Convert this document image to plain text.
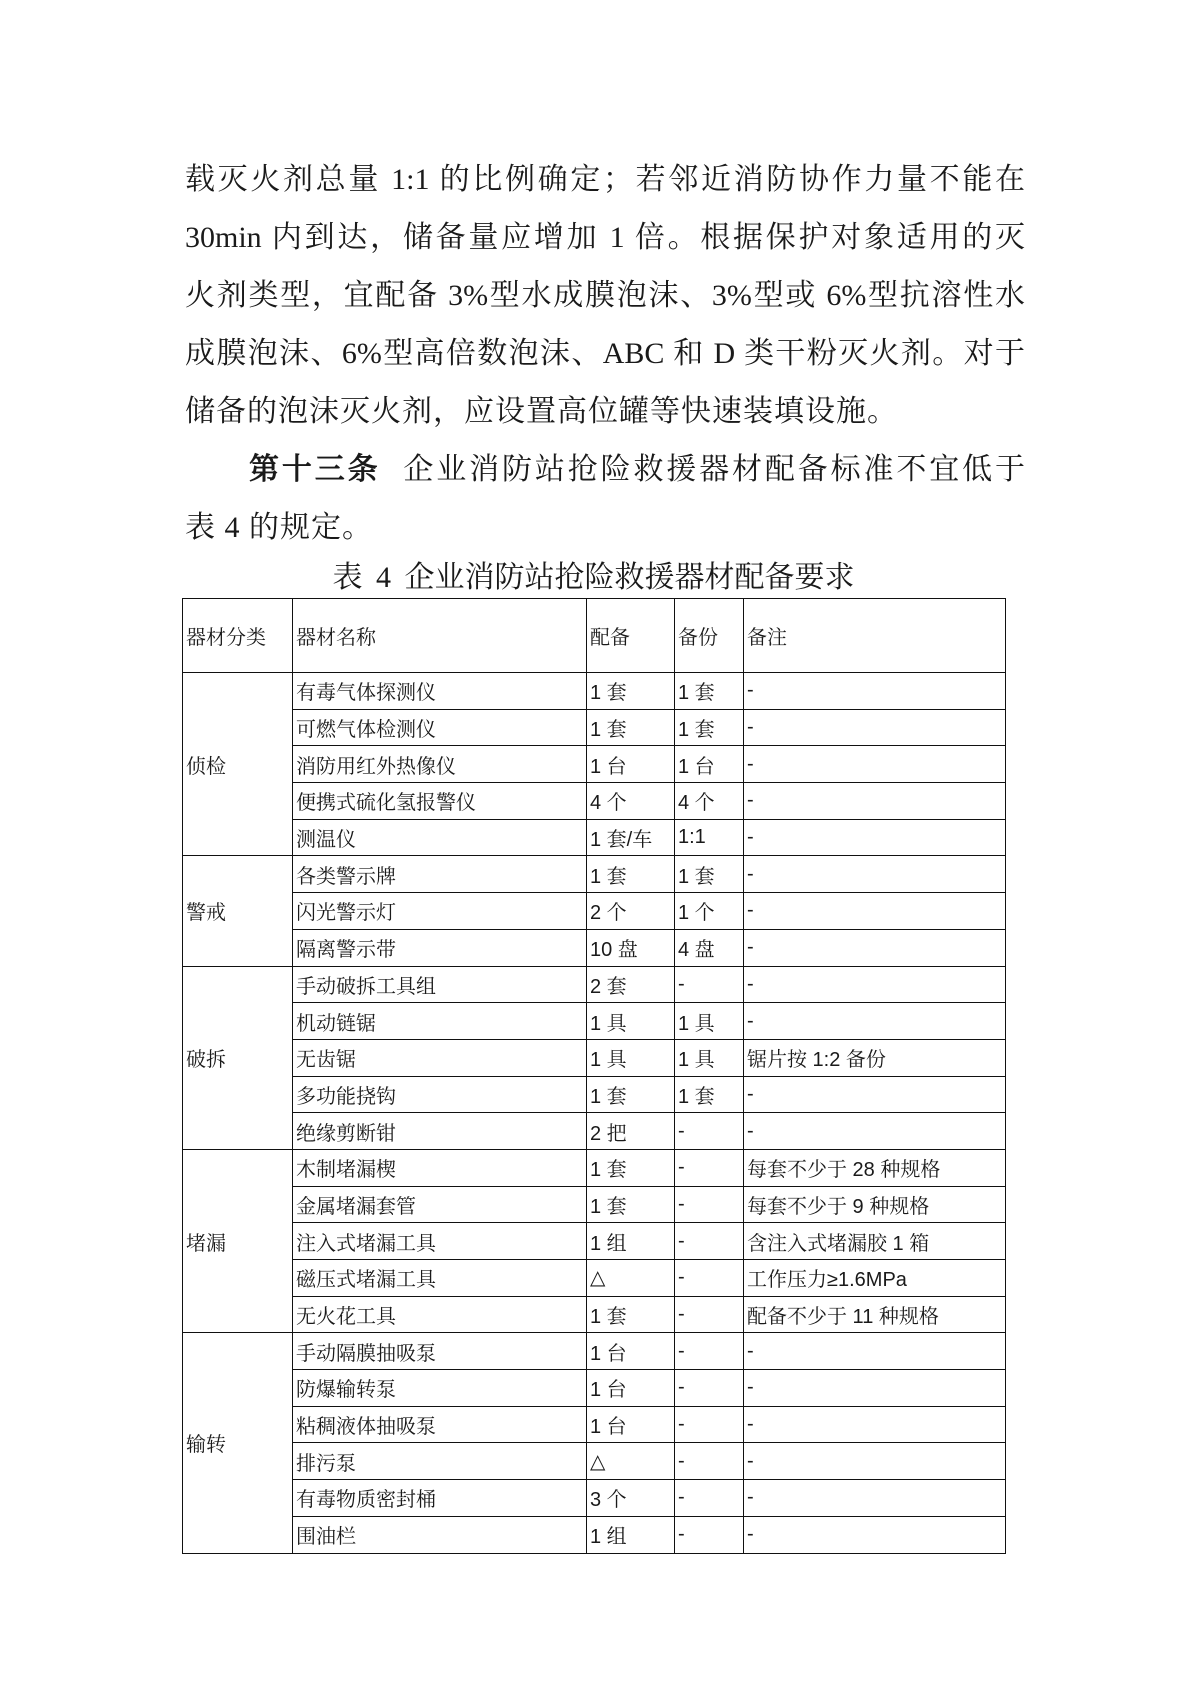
载灭火剂总量 1:1 的比例确定；若邻近消防协作力量不能在
30min 内到达，储备量应增加 1 倍。根据保护对象适用的灭
火剂类型，宜配备 3%型水成膜泡沫、3%型或 6%型抗溶性水
成膜泡沫、6%型高倍数泡沫、ABC 和 D 类干粉灭火剂。对于
储备的泡沫灭火剂，应设置高位罐等快速装填设施。
第十三条 企业消防站抢险救援器材配备标准不宜低于
表 4 的规定。
表 4 企业消防站抢险救援器材配备要求
器材分类	器材名称	配备	备份	备注
侦检	有毒气体探测仪	1 套	1 套	-
	可燃气体检测仪	1 套	1 套	-
	消防用红外热像仪	1 台	1 台	-
	便携式硫化氢报警仪	4 个	4 个	-
	测温仪	1 套/车	1:1	-
警戒	各类警示牌	1 套	1 套	-
	闪光警示灯	2 个	1 个	-
	隔离警示带	10 盘	4 盘	-
破拆	手动破拆工具组	2 套	-	-
	机动链锯	1 具	1 具	-
	无齿锯	1 具	1 具	锯片按 1:2 备份
	多功能挠钩	1 套	1 套	-
	绝缘剪断钳	2 把	-	-
堵漏	木制堵漏楔	1 套	-	每套不少于 28 种规格
	金属堵漏套管	1 套	-	每套不少于 9 种规格
	注入式堵漏工具	1 组	-	含注入式堵漏胶 1 箱
	磁压式堵漏工具	△	-	工作压力≥1.6MPa
	无火花工具	1 套	-	配备不少于 11 种规格
输转	手动隔膜抽吸泵	1 台	-	-
	防爆输转泵	1 台	-	-
	粘稠液体抽吸泵	1 台	-	-
	排污泵	△	-	-
	有毒物质密封桶	3 个	-	-
	围油栏	1 组	-	-
